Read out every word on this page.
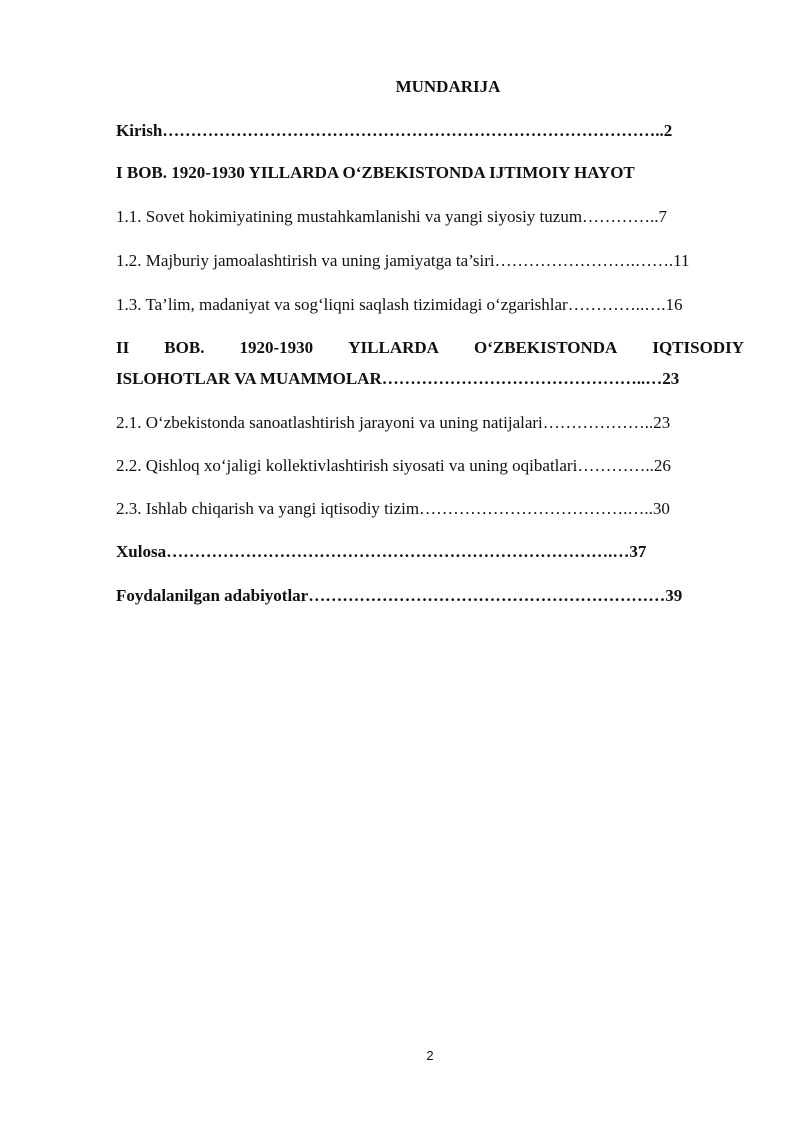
MUNDARIJA
Kirish……………………………………………………………………………..2
I BOB. 1920-1930 YILLARDA O‘ZBEKISTONDA IJTIMOIY HAYOT
1.1. Sovet hokimiyatining mustahkamlanishi va yangi siyosiy tuzum…………..7
1.2. Majburiy jamoalashtirish va uning jamiyatga ta’siri…………………….…….11
1.3. Ta’lim, madaniyat va sog‘liqni saqlash tizimidagi o‘zgarishlar…………..….16
II BOB. 1920-1930 YILLARDA O‘ZBEKISTONDA IQTISODIY
ISLOHOTLAR VA MUAMMOLAR………………………………………..…23
2.1. O‘zbekistonda sanoatlashtirish jarayoni va uning natijalari………………..23
2.2. Qishloq xo‘jaligi kollektivlashtirish siyosati va uning oqibatlari…………..26
2.3. Ishlab chiqarish va yangi iqtisodiy tizim……………………………….…..30
Xulosa…………………………………………………………………….…37
Foydalanilgan adabiyotlar………………………………………………………39
2
